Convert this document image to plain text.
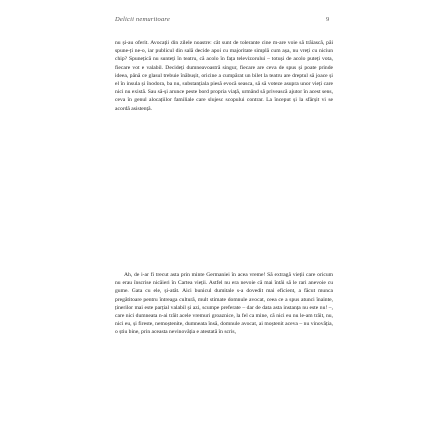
Delicii nemuritoare	9

nu și-au oferit. Avocații din zilele noastre: cât sunt de tolerante cine m-are voie să trăiască, păi spune-ți ne-o, iar publicul din sală decide apoi cu majoritate simplă cum așa, nu vreți cu niciun chip? Spunețică nu sunteți în teatru, că acolo în fața televizorului – totuși de acolo puteți vota, fiecare vot e valabil. Decideți dumneavoastră singur, fiecare are ceva de spus și poate prinde ideea, până ce glasul trebuie înăbușit, oricine a cumpărat un bilet la teatru are dreptul să joace și el în insula și înodora, ba nu, substanțiala piesă evocă seasca, să să voteze asupra unor vieți care nici nu există. Sau să-și arunce peste bord propria viață, urmând să privească ajutor în acest sens, ceva în genul alocațiilor familiale care slujesc scopului contrar. La început și la sfârșit vi se acordă asistență.

Ah, de i-ar fi trecut asta prin minte Germaniei în acea vreme! Să extragă vieții care oricum nu erau înscrise nicăieri în Cartea vieții. Astfel nu era nevoie că mai întâi să le rari anevoie cu gume. Gata cu ele, și-atât. Aici bunicul dumitale s-a dovedit mai eficient, a făcut munca pregătitoare pentru întreaga cultură, mult stimate domnule avocat, ceea ce a spus atunci înainte, ținerilor mai este parțial valabil și azi, scumpe preferate – dar de data asta instanța nu este nu! –, care nici dumneata n-ai trăit acele vremuri groaznice, la fel ca mine, că nici eu nu le-am trăit, nu, nici eu, și fireste, nemoștenite, dumneata însă, domnule avocat, ai moștenit aceva – nu vinovăția, o știu bine, prin aceasta nevinovăția e atestată în scris,
